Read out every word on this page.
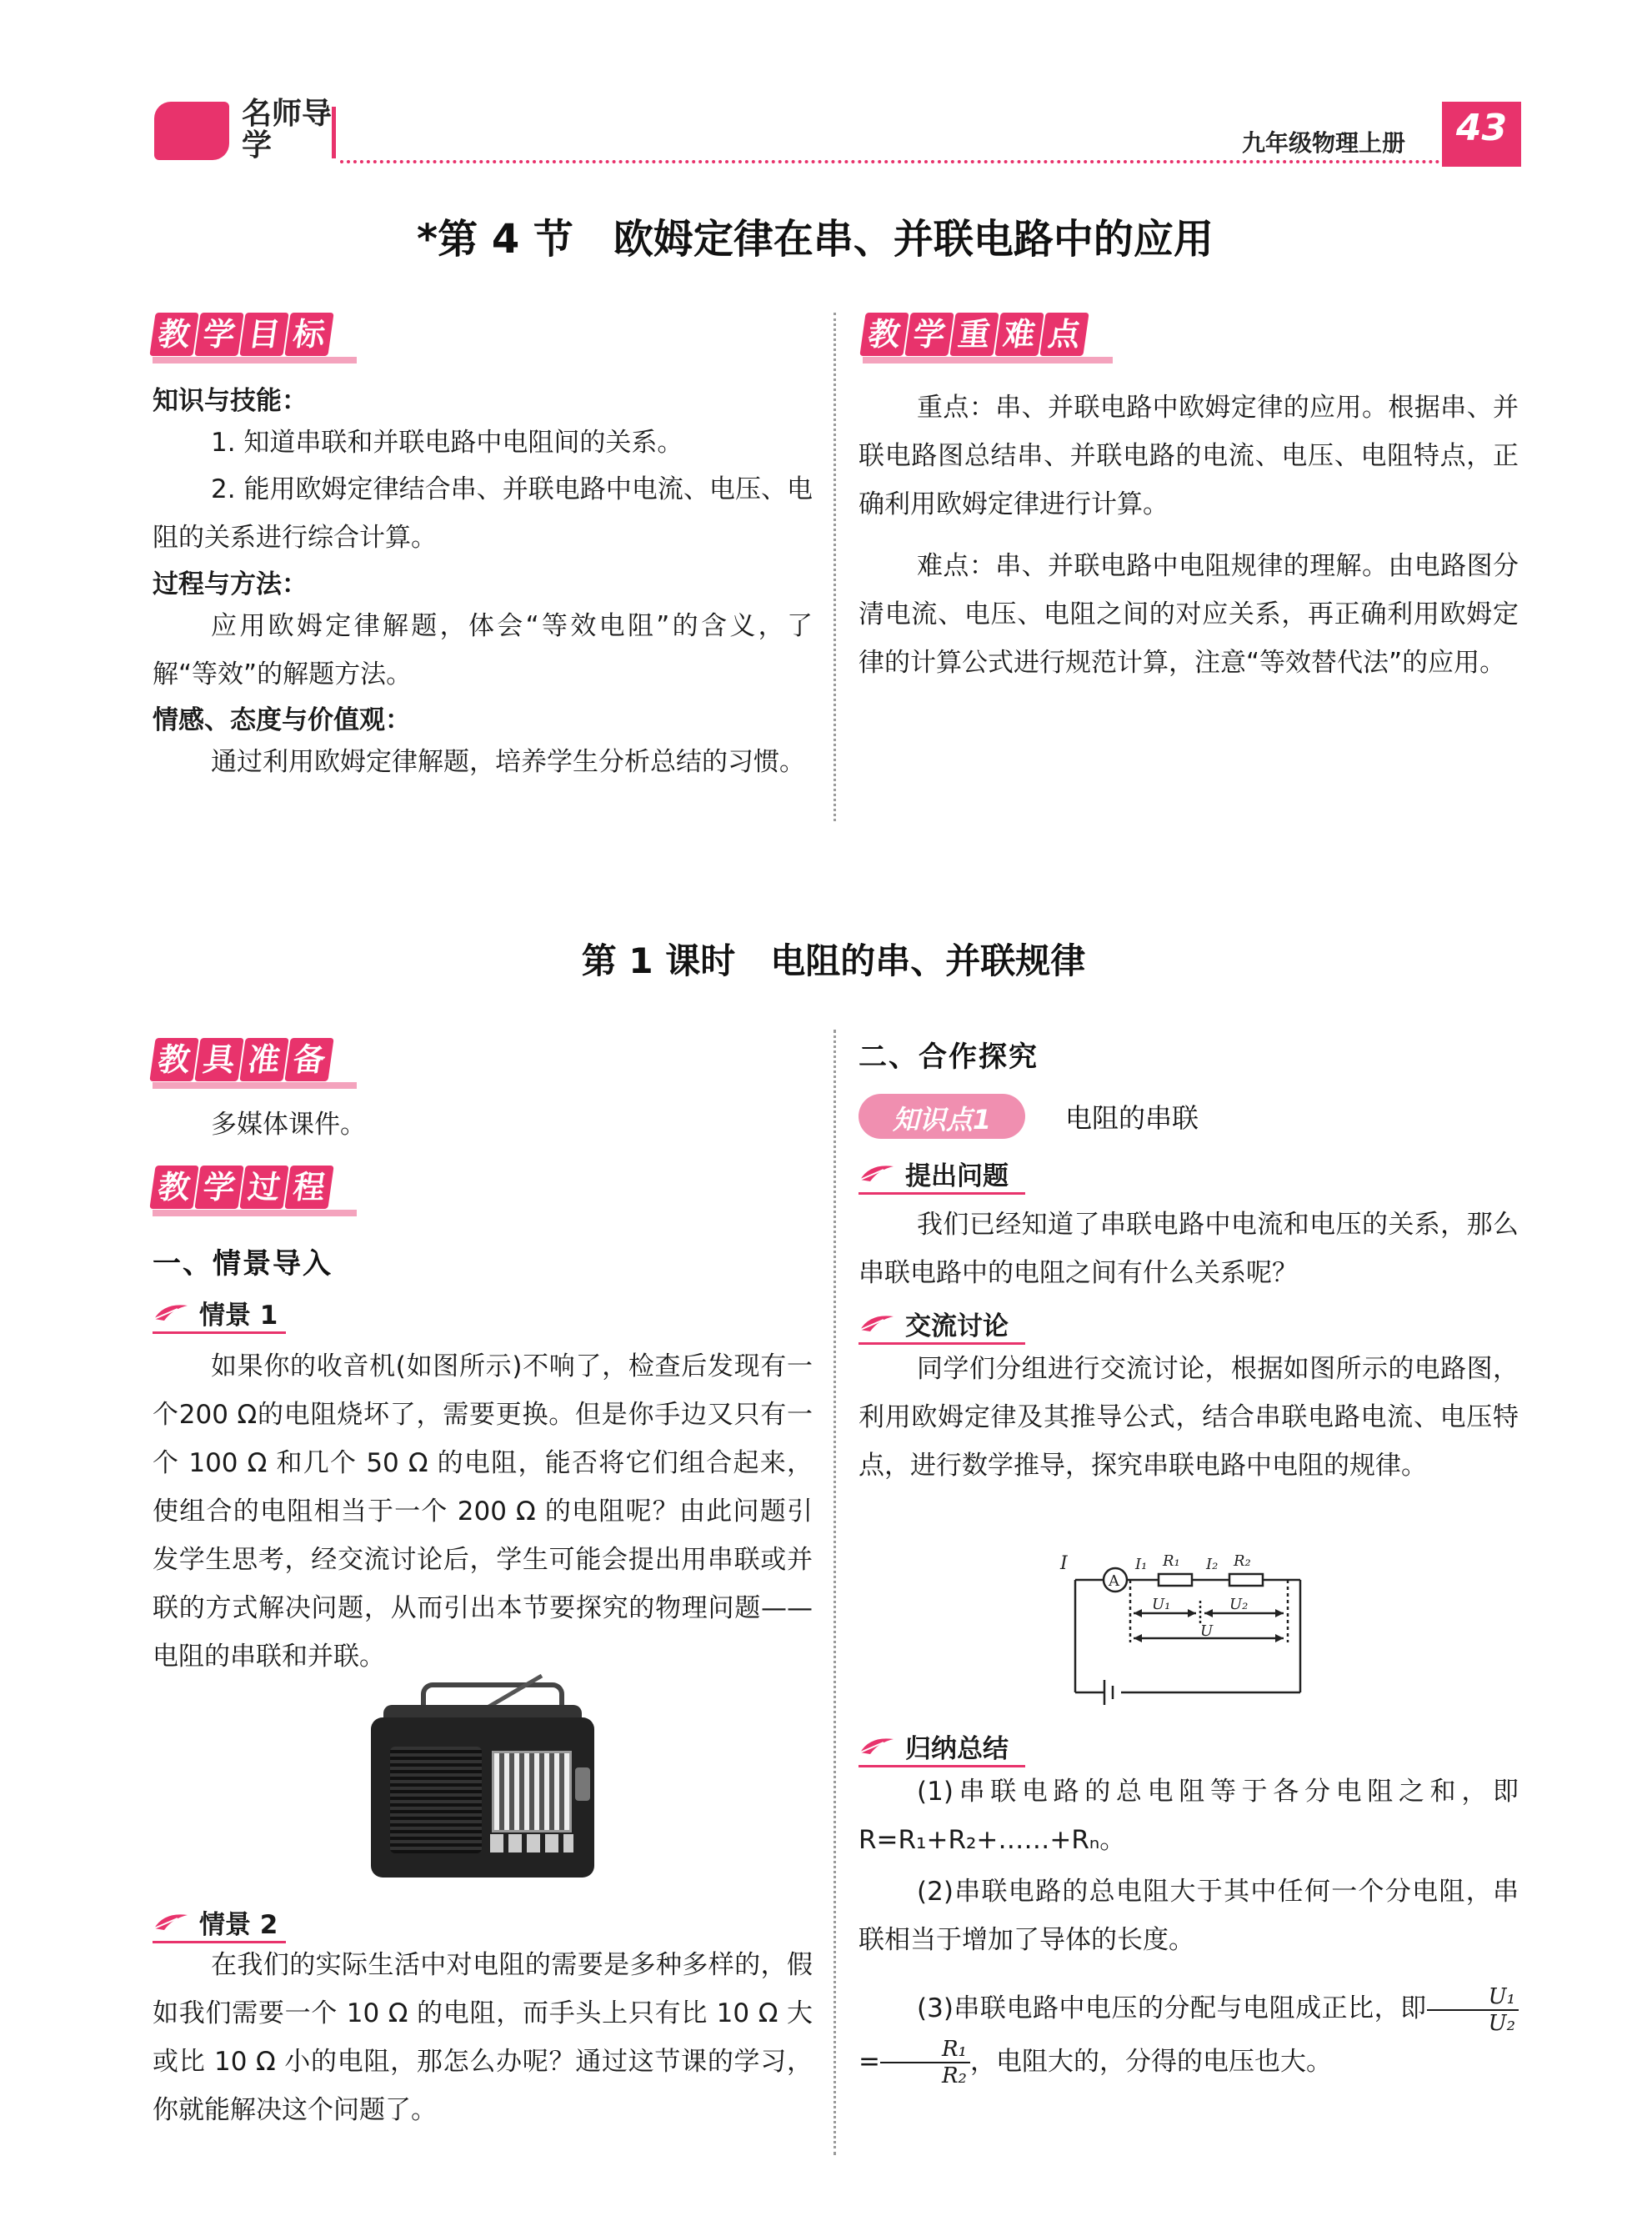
名师导学	九年级物理上册	43
*第 4 节　欧姆定律在串、并联电路中的应用
教 学 目 标
知识与技能：
1. 知道串联和并联电路中电阻间的关系。
2. 能用欧姆定律结合串、并联电路中电流、电压、电阻的关系进行综合计算。
过程与方法：
应用欧姆定律解题，体会“等效电阻”的含义，了解“等效”的解题方法。
情感、态度与价值观：
通过利用欧姆定律解题，培养学生分析总结的习惯。
教 学 重 难 点
重点：串、并联电路中欧姆定律的应用。根据串、并联电路图总结串、并联电路的电流、电压、电阻特点，正确利用欧姆定律进行计算。
难点：串、并联电路中电阻规律的理解。由电路图分清电流、电压、电阻之间的对应关系，再正确利用欧姆定律的计算公式进行规范计算，注意“等效替代法”的应用。
第 1 课时　电阻的串、并联规律
教 具 准 备
多媒体课件。
教 学 过 程
一、情景导入
情景 1
如果你的收音机(如图所示)不响了，检查后发现有一个200 Ω的电阻烧坏了，需要更换。但是你手边又只有一个 100 Ω 和几个 50 Ω 的电阻，能否将它们组合起来，使组合的电阻相当于一个 200 Ω 的电阻呢？由此问题引发学生思考，经交流讨论后，学生可能会提出用串联或并联的方式解决问题，从而引出本节要探究的物理问题——电阻的串联和并联。
情景 2
在我们的实际生活中对电阻的需要是多种多样的，假如我们需要一个 10 Ω 的电阻，而手头上只有比 10 Ω 大或比 10 Ω 小的电阻，那怎么办呢？通过这节课的学习，你就能解决这个问题了。
二、合作探究
知识点1	电阻的串联
提出问题
我们已经知道了串联电路中电流和电压的关系，那么串联电路中的电阻之间有什么关系呢？
交流讨论
同学们分组进行交流讨论，根据如图所示的电路图，利用欧姆定律及其推导公式，结合串联电路电流、电压特点，进行数学推导，探究串联电路中电阻的规律。
I
A
I₁ R₁ I₂ R₂
U₁	U₂
U
归纳总结
(1)串联电路的总电阻等于各分电阻之和，即 R=R₁+R₂+……+Rₙ。
(2)串联电路的总电阻大于其中任何一个分电阻，串联相当于增加了导体的长度。
(3)串联电路中电压的分配与电阻成正比，即 $\frac{\text{U₁}}{\text{U₂}}$
= $\frac{\text{R₁}}{\text{R₂}}$ ，电阻大的，分得的电压也大。
